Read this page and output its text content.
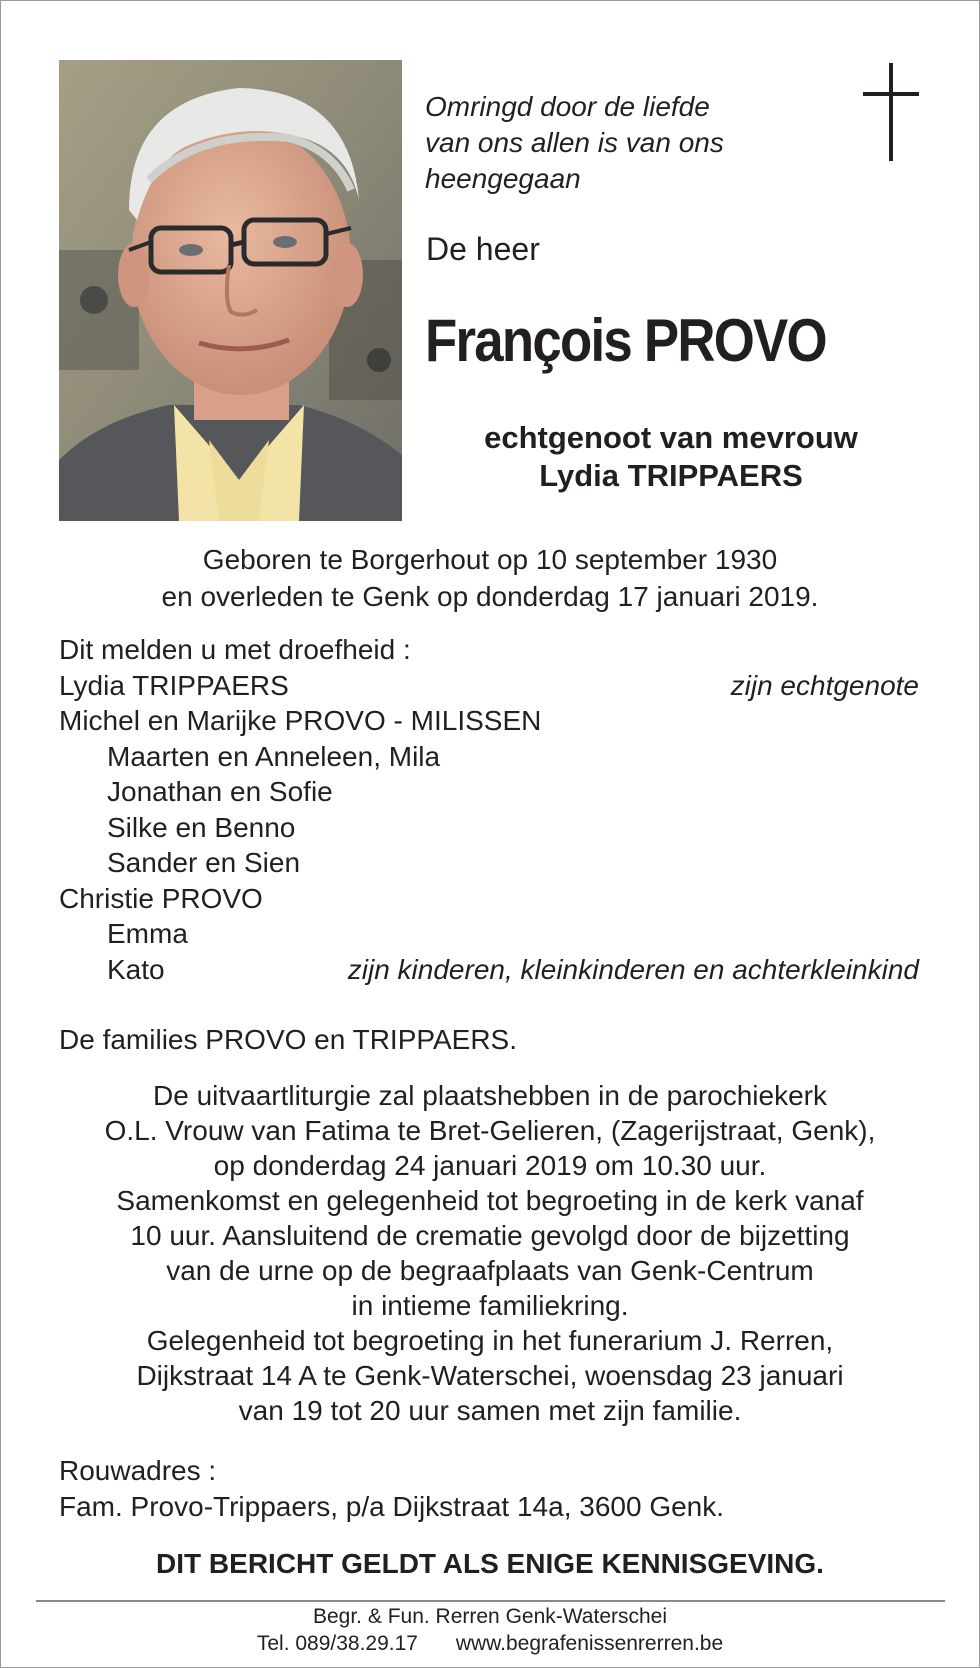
Omringd door de liefde
van ons allen is van ons
heengegaan
De heer
François PROVO
echtgenoot van mevrouw
Lydia TRIPPAERS
Geboren te Borgerhout op 10 september 1930
en overleden te Genk op donderdag 17 januari 2019.
Dit melden u met droefheid :
Lydia TRIPPAERS	zijn echtgenote
Michel en Marijke PROVO - MILISSEN
Maarten en Anneleen, Mila
Jonathan en Sofie
Silke en Benno
Sander en Sien
Christie PROVO
Emma
Kato	zijn kinderen, kleinkinderen en achterkleinkind
De families PROVO en TRIPPAERS.
De uitvaartliturgie zal plaatshebben in de parochiekerk
O.L. Vrouw van Fatima te Bret-Gelieren, (Zagerijstraat, Genk),
op donderdag 24 januari 2019 om 10.30 uur.
Samenkomst en gelegenheid tot begroeting in de kerk vanaf
10 uur. Aansluitend de crematie gevolgd door de bijzetting
van de urne op de begraafplaats van Genk-Centrum
in intieme familiekring.
Gelegenheid tot begroeting in het funerarium J. Rerren,
Dijkstraat 14 A te Genk-Waterschei, woensdag 23 januari
van 19 tot 20 uur samen met zijn familie.
Rouwadres :
Fam. Provo-Trippaers, p/a Dijkstraat 14a, 3600 Genk.
DIT BERICHT GELDT ALS ENIGE KENNISGEVING.
Begr. & Fun. Rerren Genk-Waterschei
Tel. 089/38.29.17 www.begrafenissenrerren.be
